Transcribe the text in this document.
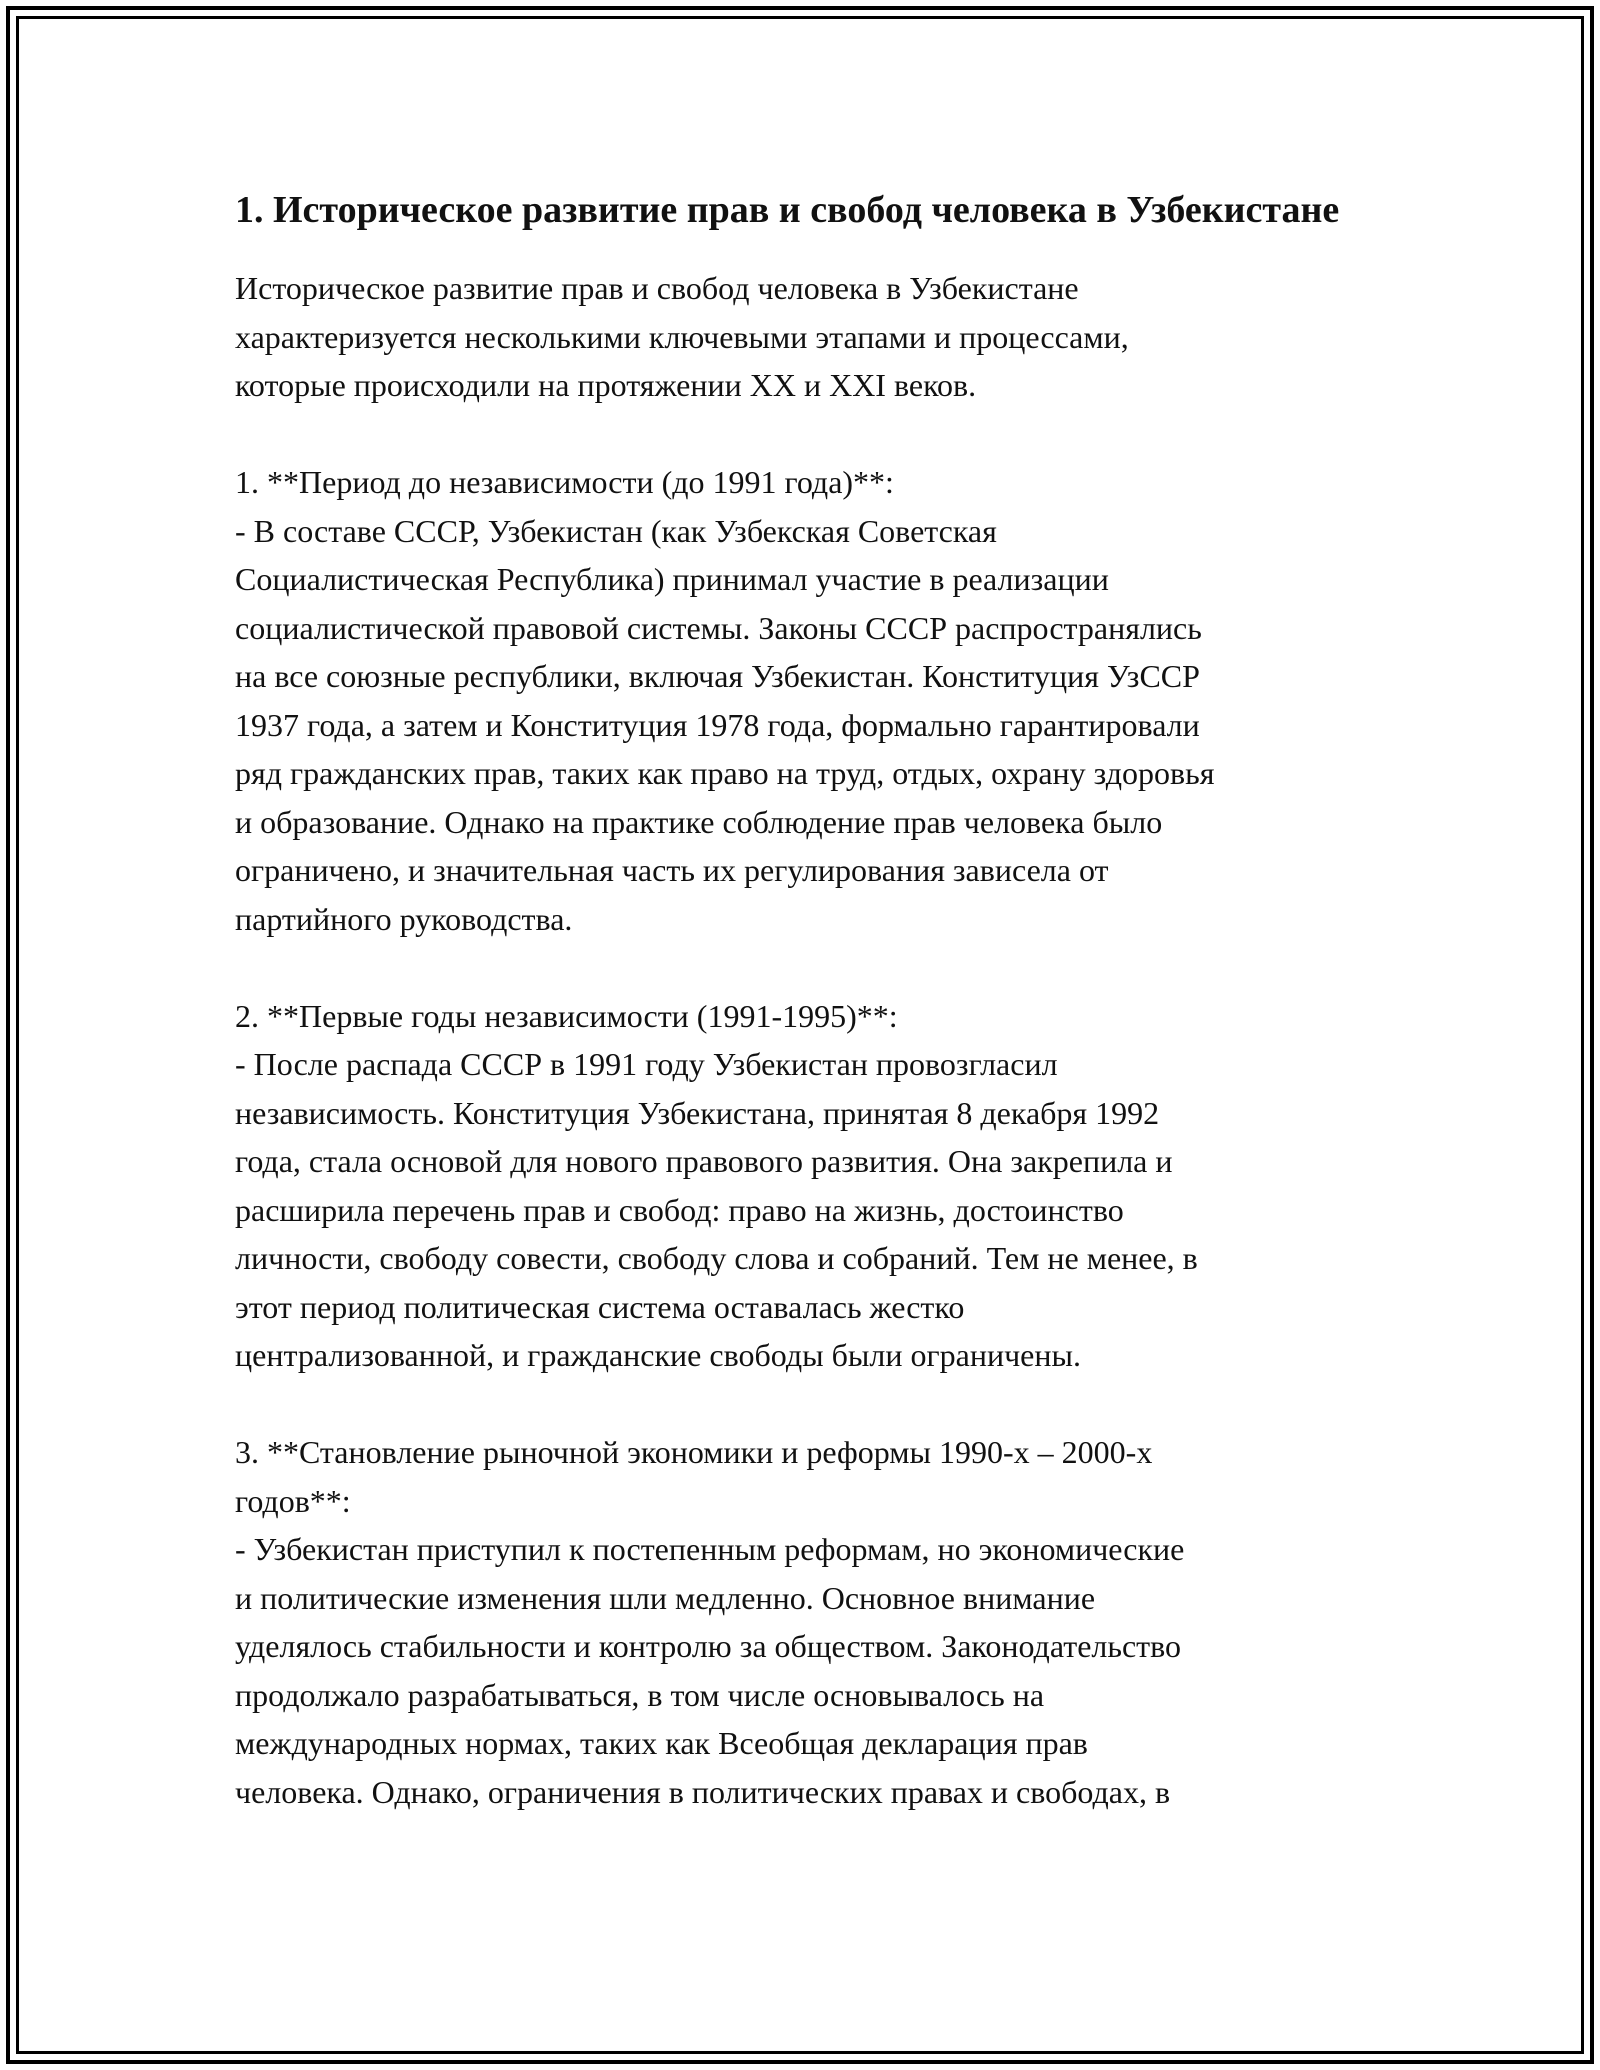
1. Историческое развитие прав и свобод человека в Узбекистане
Историческое развитие прав и свобод человека в Узбекистане
характеризуется несколькими ключевыми этапами и процессами,
которые происходили на протяжении XX и XXI веков.

1. **Период до независимости (до 1991 года)**:
- В составе СССР, Узбекистан (как Узбекская Советская
Социалистическая Республика) принимал участие в реализации
социалистической правовой системы. Законы СССР распространялись
на все союзные республики, включая Узбекистан. Конституция УзССР
1937 года, а затем и Конституция 1978 года, формально гарантировали
ряд гражданских прав, таких как право на труд, отдых, охрану здоровья
и образование. Однако на практике соблюдение прав человека было
ограничено, и значительная часть их регулирования зависела от
партийного руководства.

2. **Первые годы независимости (1991-1995)**:
- После распада СССР в 1991 году Узбекистан провозгласил
независимость. Конституция Узбекистана, принятая 8 декабря 1992
года, стала основой для нового правового развития. Она закрепила и
расширила перечень прав и свобод: право на жизнь, достоинство
личности, свободу совести, свободу слова и собраний. Тем не менее, в
этот период политическая система оставалась жестко
централизованной, и гражданские свободы были ограничены.

3. **Становление рыночной экономики и реформы 1990-х – 2000-х
годов**:
- Узбекистан приступил к постепенным реформам, но экономические
и политические изменения шли медленно. Основное внимание
уделялось стабильности и контролю за обществом. Законодательство
продолжало разрабатываться, в том числе основывалось на
международных нормах, таких как Всеобщая декларация прав
человека. Однако, ограничения в политических правах и свободах, в
